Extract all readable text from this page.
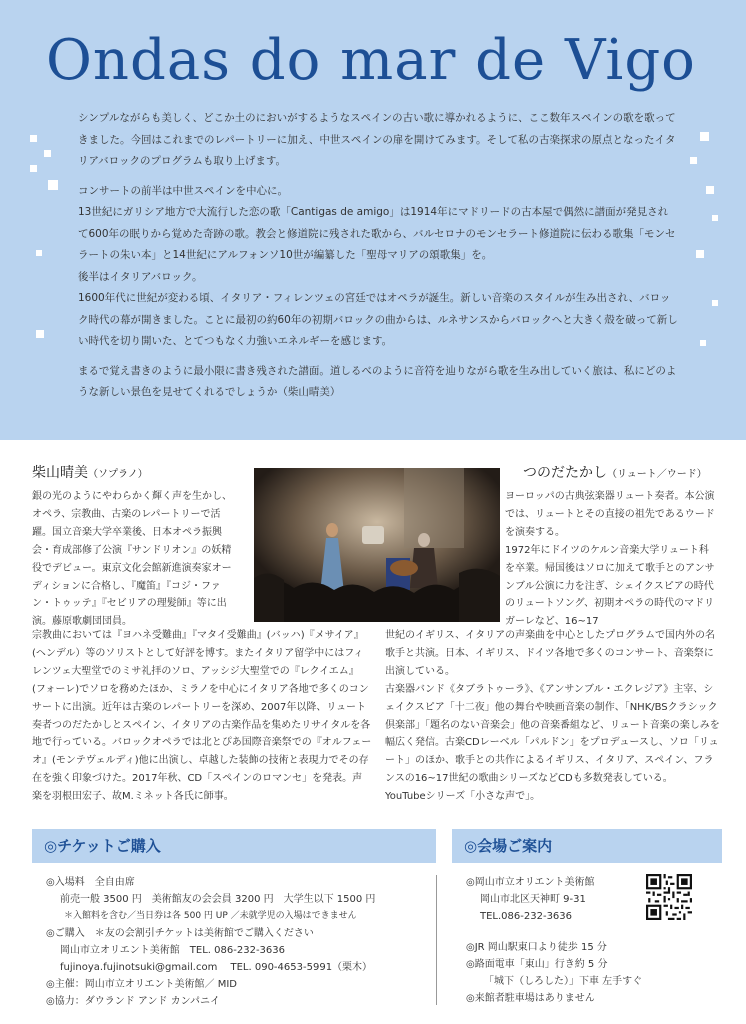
Ondas do mar de Vigo

シンプルながらも美しく、どこか土のにおいがするようなスペインの古い歌に導かれるように、ここ数年スペインの歌を歌ってきました。今回はこれまでのレパートリーに加え、中世スペインの扉を開けてみます。そして私の古楽探求の原点となったイタリアバロックのプログラムも取り上げます。

コンサートの前半は中世スペインを中心に。
13世紀にガリシア地方で大流行した恋の歌「Cantigas de amigo」は1914年にマドリードの古本屋で偶然に譜面が発見されて600年の眠りから覚めた奇跡の歌。教会と修道院に残された歌から、バルセロナのモンセラート修道院に伝わる歌集「モンセラートの朱い本」と14世紀にアルフォンソ10世が編纂した「聖母マリアの頌歌集」を。
後半はイタリアバロック。
1600年代に世紀が変わる頃、イタリア・フィレンツェの宮廷ではオペラが誕生。新しい音楽のスタイルが生み出され、バロック時代の幕が開きました。ことに最初の約60年の初期バロックの曲からは、ルネサンスからバロックへと大きく殻を破って新しい時代を切り開いた、とてつもなく力強いエネルギーを感じます。

まるで覚え書きのように最小限に書き残された譜面。道しるべのように音符を辿りながら歌を生み出していく旅は、私にどのような新しい景色を見せてくれるでしょうか（柴山晴美）

柴山晴美（ソプラノ）	つのだたかし（リュート／ウード）

銀の光のようにやわらかく輝く声を生かし、オペラ、宗教曲、古楽のレパートリーで活躍。国立音楽大学卒業後、日本オペラ振興会・育成部修了公演『サンドリオン』の妖精役でデビュー。東京文化会館新進演奏家オーディションに合格し、『魔笛』『コジ・ファン・トゥッテ』『セビリアの理髪師』等に出演。藤原歌劇団団員。

宗教曲においては『ヨハネ受難曲』『マタイ受難曲』(バッハ)『メサイア』(ヘンデル）等のソリストとして好評を博す。またイタリア留学中にはフィレンツェ大聖堂でのミサ礼拝のソロ、アッシジ大聖堂での『レクイエム』(フォーレ)でソロを務めたほか、ミラノを中心にイタリア各地で多くのコンサートに出演。近年は古楽のレパートリーを深め、2007年以降、リュート奏者つのだたかしとスペイン、イタリアの古楽作品を集めたリサイタルを各地で行っている。バロックオペラでは北とぴあ国際音楽祭での『オルフェーオ』(モンテヴェルディ)他に出演し、卓越した装飾の技術と表現力でその存在を強く印象づけた。2017年秋、CD「スペインのロマンセ」を発表。声楽を羽根田宏子、故M.ミネット各氏に師事。

ヨーロッパの古典弦楽器リュート奏者。本公演では、リュートとその直接の祖先であるウードを演奏する。
1972年にドイツのケルン音楽大学リュート科を卒業。帰国後はソロに加えて歌手とのアンサンブル公演に力を注ぎ、シェイクスピアの時代のリュートソング、初期オペラの時代のマドリガーレなど、16~17

世紀のイギリス、イタリアの声楽曲を中心としたプログラムで国内外の名歌手と共演。日本、イギリス、ドイツ各地で多くのコンサート、音楽祭に出演している。
古楽器バンド《タブラトゥーラ》、《アンサンブル・エクレジア》主宰、シェイクスピア「十二夜」他の舞台や映画音楽の制作、「NHK/BSクラシック倶楽部」「題名のない音楽会」他の音楽番組など、リュート音楽の楽しみを幅広く発信。古楽CDレーベル「パルドン」をプロデュースし、ソロ「リュート」のほか、歌手との共作によるイギリス、イタリア、スペイン、フランスの16~17世紀の歌曲シリーズなどCDも多数発表している。
YouTubeシリーズ「小さな声で」。

◎チケットご購入	◎会場ご案内
◎入場料　全自由席
前売一般 3500 円　美術館友の会会員 3200 円　大学生以下 1500 円
＊入館料を含む／当日券は各 500 円 UP ／未就学児の入場はできません
◎ご購入　＊友の会割引チケットは美術館でご購入ください
岡山市立オリエント美術館　TEL. 086-232-3636
fujinoya.fujinotsuki@gmail.com　 TEL. 090-4653-5991（栗木）
◎主催：岡山市立オリエント美術館／ MID
◎協力：ダウランド アンド カンパニイ
◎岡山市立オリエント美術館
岡山市北区天神町 9-31
TEL.086-232-3636
◎JR 岡山駅東口より徒歩 15 分
◎路面電車「東山」行き約 5 分
「城下（しろした）」下車 左手すぐ
◎来館者駐車場はありません
